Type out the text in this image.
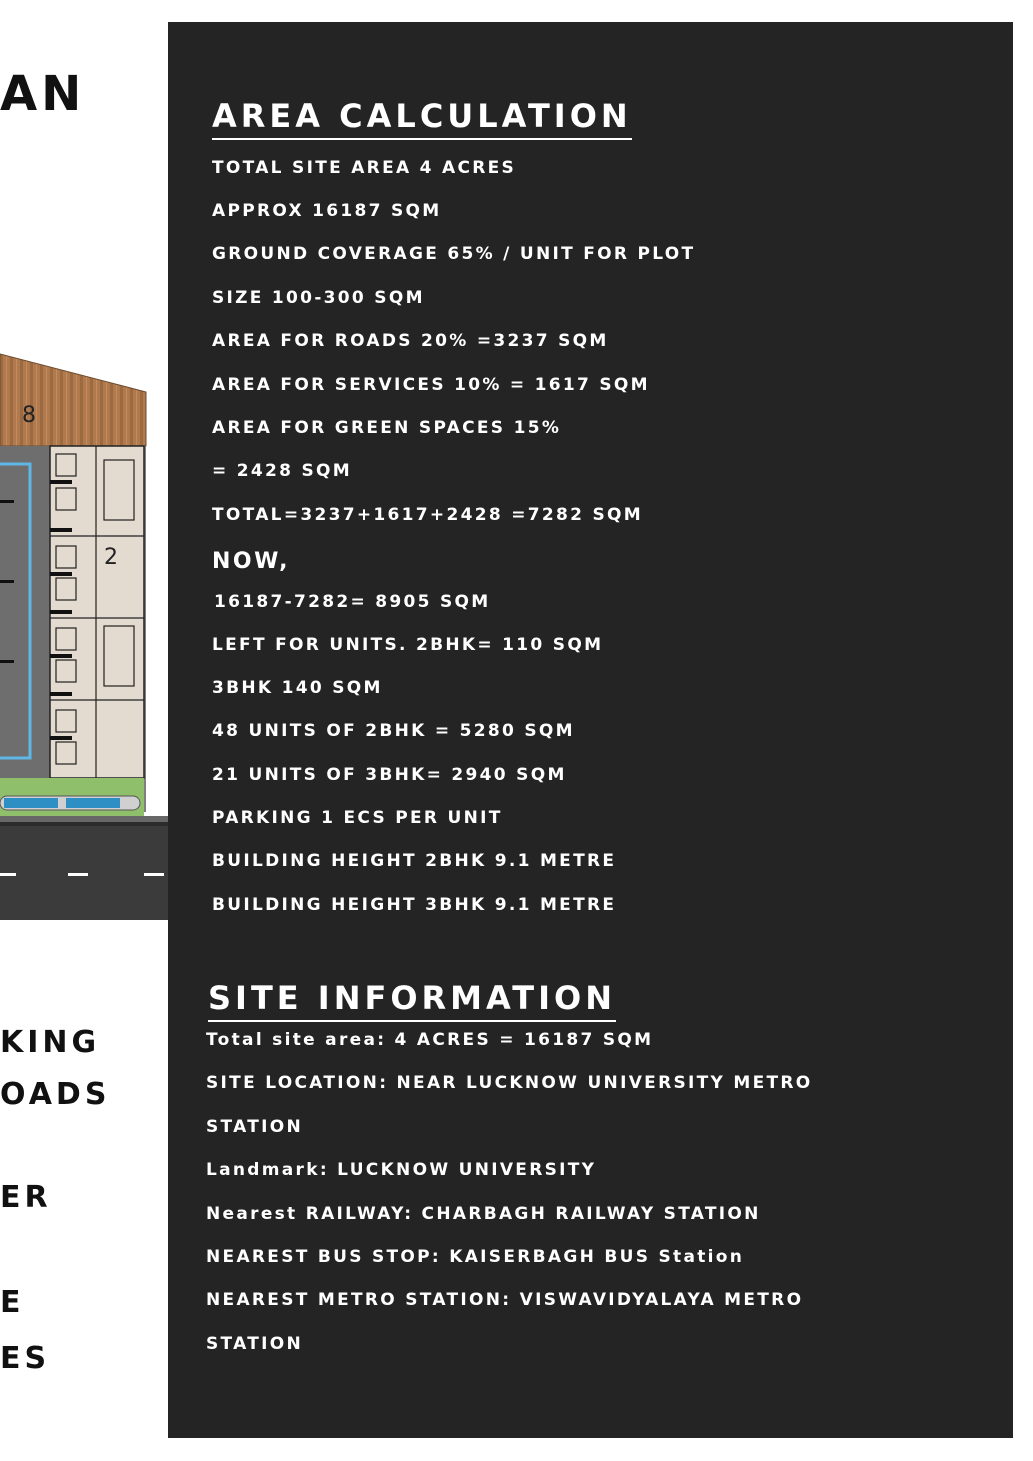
AN
8
2
KING
OADS
ER
E
ES
AREA CALCULATION
TOTAL SITE AREA 4 ACRES
APPROX 16187 SQM
GROUND COVERAGE 65% / UNIT FOR PLOT
SIZE 100-300 SQM
AREA FOR ROADS 20% =3237 SQM
AREA FOR SERVICES 10% = 1617 SQM
AREA FOR GREEN SPACES 15%
= 2428 SQM
TOTAL=3237+1617+2428 =7282 SQM
NOW,
16187-7282= 8905 SQM
LEFT FOR UNITS. 2BHK= 110 SQM
3BHK 140 SQM
48 UNITS OF 2BHK = 5280 SQM
21 UNITS OF 3BHK= 2940 SQM
PARKING 1 ECS PER UNIT
BUILDING HEIGHT 2BHK 9.1 METRE
BUILDING HEIGHT 3BHK 9.1 METRE
SITE INFORMATION
Total site area: 4 ACRES = 16187 SQM
SITE LOCATION: NEAR LUCKNOW UNIVERSITY METRO
STATION
Landmark: LUCKNOW UNIVERSITY
Nearest RAILWAY: CHARBAGH RAILWAY STATION
NEAREST BUS STOP: KAISERBAGH BUS Station
NEAREST METRO STATION: VISWAVIDYALAYA METRO
STATION
